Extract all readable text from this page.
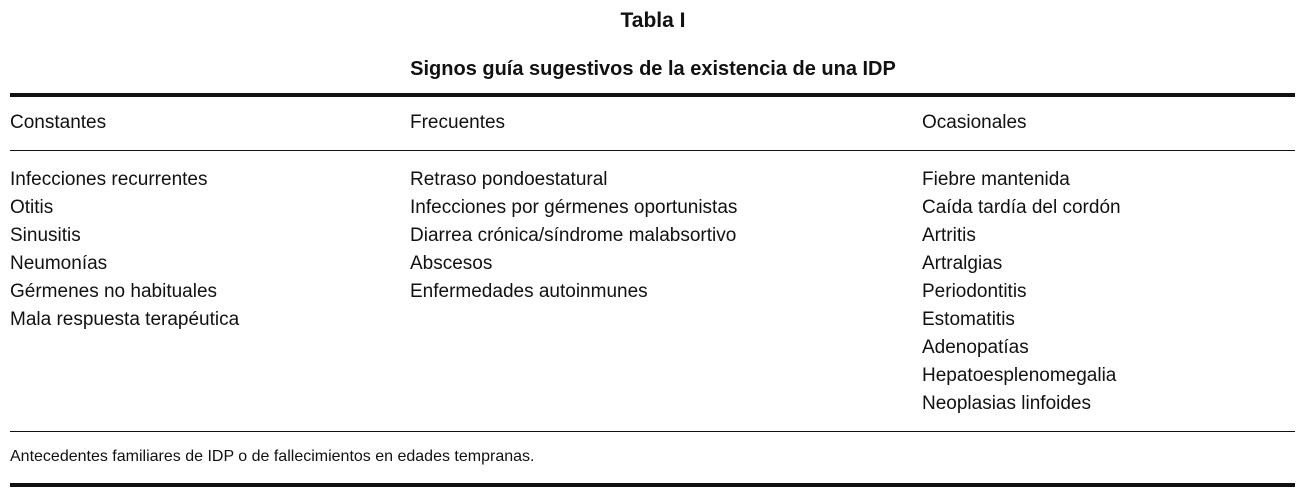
Tabla I
Signos guía sugestivos de la existencia de una IDP
Constantes	Frecuentes	Ocasionales
Infecciones recurrentes
Otitis
Sinusitis
Neumonías
Gérmenes no habituales
Mala respuesta terapéutica
Retraso pondoestatural
Infecciones por gérmenes oportunistas
Diarrea crónica/síndrome malabsortivo
Abscesos
Enfermedades autoinmunes
Fiebre mantenida
Caída tardía del cordón
Artritis
Artralgias
Periodontitis
Estomatitis
Adenopatías
Hepatoesplenomegalia
Neoplasias linfoides

Antecedentes familiares de IDP o de fallecimientos en edades tempranas.
